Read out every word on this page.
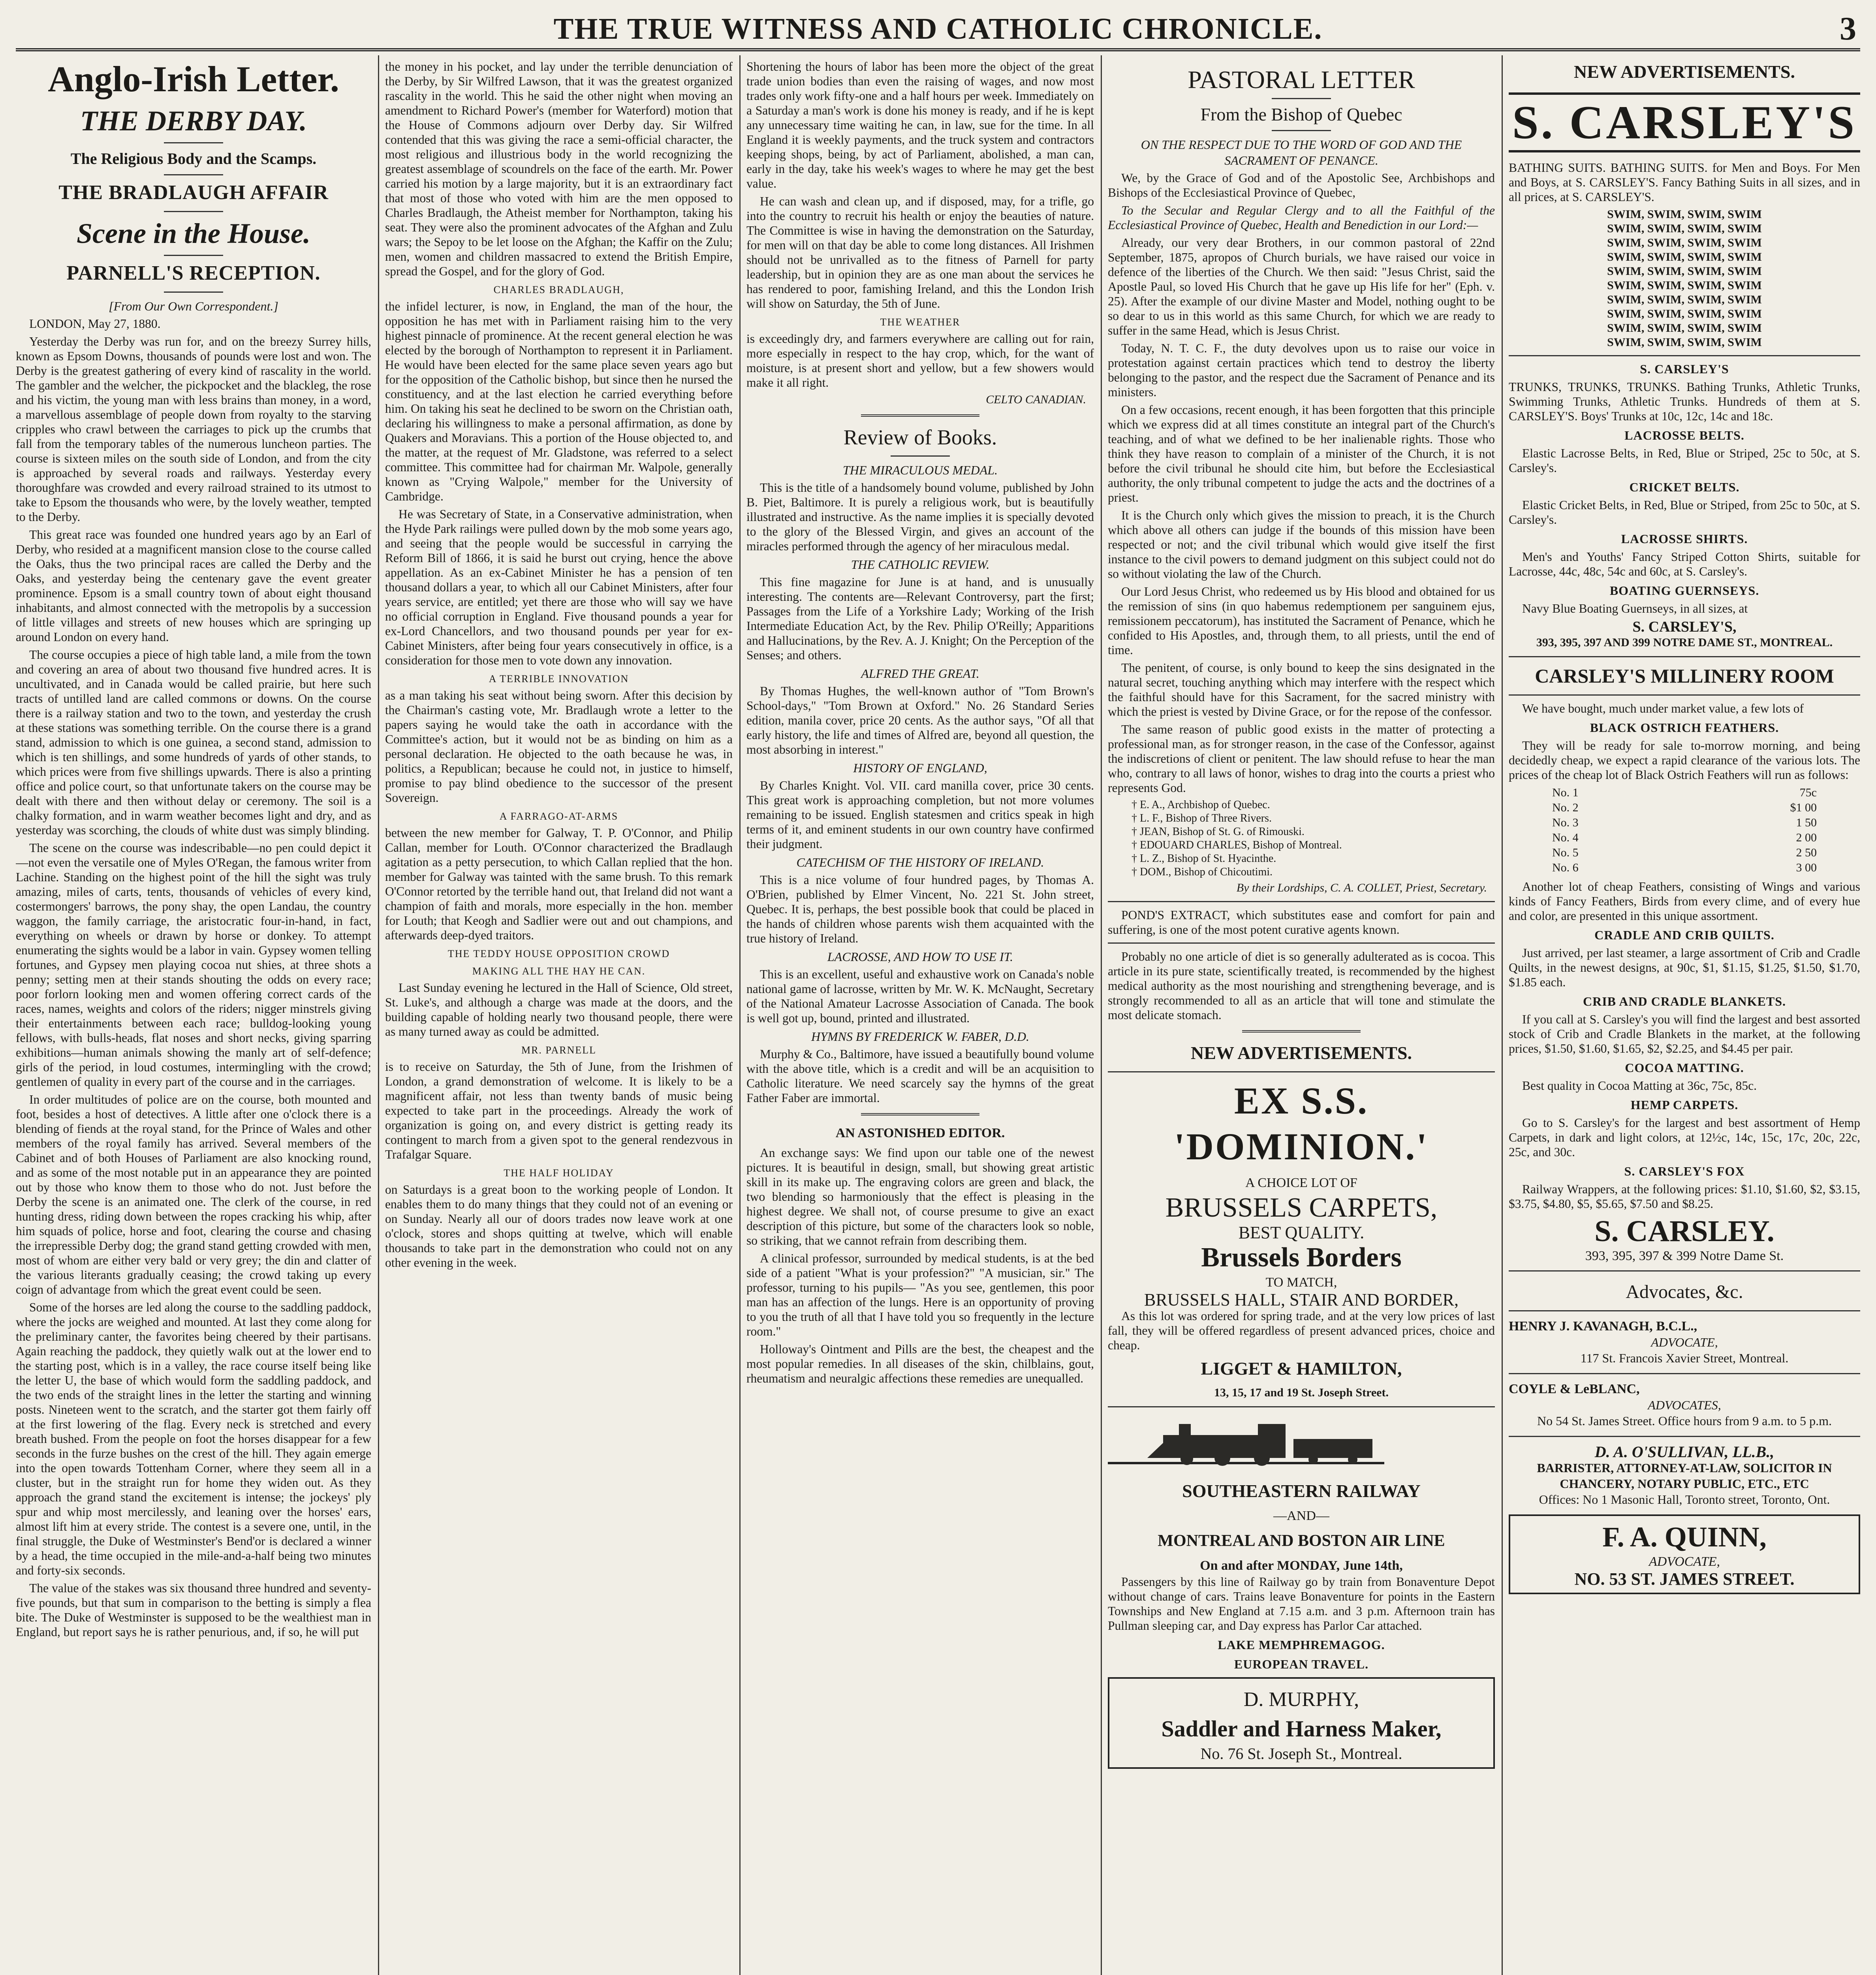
THE TRUE WITNESS AND CATHOLIC CHRONICLE.	3
Anglo-Irish Letter.
THE DERBY DAY.
The Religious Body and the Scamps.
THE BRADLAUGH AFFAIR
Scene in the House.
PARNELL'S RECEPTION.
[From Our Own Correspondent.]

LONDON, May 27, 1880.

Yesterday the Derby was run for, and on the breezy Surrey hills, known as Epsom Downs, thousands of pounds were lost and won. The Derby is the greatest gathering of every kind of rascality in the world. The gambler and the welcher, the pickpocket and the blackleg, the rose and his victim, the young man with less brains than money, in a word, a marvellous assemblage of people down from royalty to the starving cripples who crawl between the carriages to pick up the crumbs that fall from the temporary tables of the numerous luncheon parties. The course is sixteen miles on the south side of London, and from the city is approached by several roads and railways. Yesterday every thoroughfare was crowded and every railroad strained to its utmost to take to Epsom the thousands who were, by the lovely weather, tempted to the Derby.

This great race was founded one hundred years ago by an Earl of Derby, who resided at a magnificent mansion close to the course called the Oaks, thus the two principal races are called the Derby and the Oaks, and yesterday being the centenary gave the event greater prominence. Epsom is a small country town of about eight thousand inhabitants, and almost connected with the metropolis by a succession of little villages and streets of new houses which are springing up around London on every hand.

The course occupies a piece of high table land, a mile from the town and covering an area of about two thousand five hundred acres. It is uncultivated, and in Canada would be called prairie, but here such tracts of untilled land are called commons or downs. On the course there is a railway station and two to the town, and yesterday the crush at these stations was something terrible. On the course there is a grand stand, admission to which is one guinea, a second stand, admission to which is ten shillings, and some hundreds of yards of other stands, to which prices were from five shillings upwards. There is also a printing office and police court, so that unfortunate takers on the course may be dealt with there and then without delay or ceremony. The soil is a chalky formation, and in warm weather becomes light and dry, and as yesterday was scorching, the clouds of white dust was simply blinding.

The scene on the course was indescribable—no pen could depict it—not even the versatile one of Myles O'Regan, the famous writer from Lachine. Standing on the highest point of the hill the sight was truly amazing, miles of carts, tents, thousands of vehicles of every kind, costermongers' barrows, the pony shay, the open Landau, the country waggon, the family carriage, the aristocratic four-in-hand, in fact, everything on wheels or drawn by horse or donkey. To attempt enumerating the sights would be a labor in vain. Gypsey women telling fortunes, and Gypsey men playing cocoa nut shies, at three shots a penny; setting men at their stands shouting the odds on every race; poor forlorn looking men and women offering correct cards of the races, names, weights and colors of the riders; nigger minstrels giving their entertainments between each race; bulldog-looking young fellows, with bulls-heads, flat noses and short necks, giving sparring exhibitions—human animals showing the manly art of self-defence; girls of the period, in loud costumes, intermingling with the crowd; gentlemen of quality in every part of the course and in the carriages.

In order multitudes of police are on the course, both mounted and foot, besides a host of detectives. A little after one o'clock there is a blending of fiends at the royal stand, for the Prince of Wales and other members of the royal family has arrived. Several members of the Cabinet and of both Houses of Parliament are also knocking round, and as some of the most notable put in an appearance they are pointed out by those who know them to those who do not. Just before the Derby the scene is an animated one. The clerk of the course, in red hunting dress, riding down between the ropes cracking his whip, after him squads of police, horse and foot, clearing the course and chasing the irrepressible Derby dog; the grand stand getting crowded with men, most of whom are either very bald or very grey; the din and clatter of the various literants gradually ceasing; the crowd taking up every coign of advantage from which the great event could be seen.

Some of the horses are led along the course to the saddling paddock, where the jocks are weighed and mounted. At last they come along for the preliminary canter, the favorites being cheered by their partisans. Again reaching the paddock, they quietly walk out at the lower end to the starting post, which is in a valley, the race course itself being like the letter U, the base of which would form the saddling paddock, and the two ends of the straight lines in the letter the starting and winning posts. Nineteen went to the scratch, and the starter got them fairly off at the first lowering of the flag. Every neck is stretched and every breath bushed. From the people on foot the horses disappear for a few seconds in the furze bushes on the crest of the hill. They again emerge into the open towards Tottenham Corner, where they seem all in a cluster, but in the straight run for home they widen out. As they approach the grand stand the excitement is intense; the jockeys' ply spur and whip most mercilessly, and leaning over the horses' ears, almost lift him at every stride. The contest is a severe one, until, in the final struggle, the Duke of Westminster's Bend'or is declared a winner by a head, the time occupied in the mile-and-a-half being two minutes and forty-six seconds.

The value of the stakes was six thousand three hundred and seventy-five pounds, but that sum in comparison to the betting is simply a flea bite. The Duke of Westminster is supposed to be the wealthiest man in England, but report says he is rather penurious, and, if so, he will put

the money in his pocket, and lay under the terrible denunciation of the Derby, by Sir Wilfred Lawson, that it was the greatest organized rascality in the world. This he said the other night when moving an amendment to Richard Power's (member for Waterford) motion that the House of Commons adjourn over Derby day. Sir Wilfred contended that this was giving the race a semi-official character, the most religious and illustrious body in the world recognizing the greatest assemblage of scoundrels on the face of the earth. Mr. Power carried his motion by a large majority, but it is an extraordinary fact that most of those who voted with him are the men opposed to Charles Bradlaugh, the Atheist member for Northampton, taking his seat. They were also the prominent advocates of the Afghan and Zulu wars; the Sepoy to be let loose on the Afghan; the Kaffir on the Zulu; men, women and children massacred to extend the British Empire, spread the Gospel, and for the glory of God.

CHARLES BRADLAUGH,

the infidel lecturer, is now, in England, the man of the hour, the opposition he has met with in Parliament raising him to the very highest pinnacle of prominence. At the recent general election he was elected by the borough of Northampton to represent it in Parliament. He would have been elected for the same place seven years ago but for the opposition of the Catholic bishop, but since then he nursed the constituency, and at the last election he carried everything before him. On taking his seat he declined to be sworn on the Christian oath, declaring his willingness to make a personal affirmation, as done by Quakers and Moravians. This a portion of the House objected to, and the matter, at the request of Mr. Gladstone, was referred to a select committee. This committee had for chairman Mr. Walpole, generally known as "Crying Walpole," member for the University of Cambridge.

He was Secretary of State, in a Conservative administration, when the Hyde Park railings were pulled down by the mob some years ago, and seeing that the people would be successful in carrying the Reform Bill of 1866, it is said he burst out crying, hence the above appellation. As an ex-Cabinet Minister he has a pension of ten thousand dollars a year, to which all our Cabinet Ministers, after four years service, are entitled; yet there are those who will say we have no official corruption in England. Five thousand pounds a year for ex-Lord Chancellors, and two thousand pounds per year for ex-Cabinet Ministers, after being four years consecutively in office, is a consideration for those men to vote down any innovation.

A TERRIBLE INNOVATION

as a man taking his seat without being sworn. After this decision by the Chairman's casting vote, Mr. Bradlaugh wrote a letter to the papers saying he would take the oath in accordance with the Committee's action, but it would not be as binding on him as a personal declaration. He objected to the oath because he was, in politics, a Republican; because he could not, in justice to himself, promise to pay blind obedience to the successor of the present Sovereign.

A FARRAGO-AT-ARMS

between the new member for Galway, T. P. O'Connor, and Philip Callan, member for Louth. O'Connor characterized the Bradlaugh agitation as a petty persecution, to which Callan replied that the hon. member for Galway was tainted with the same brush. To this remark O'Connor retorted by the terrible hand out, that Ireland did not want a champion of faith and morals, more especially in the hon. member for Louth; that Keogh and Sadlier were out and out champions, and afterwards deep-dyed traitors.

THE TEDDY HOUSE OPPOSITION CROWD
MAKING ALL THE HAY HE CAN.

Last Sunday evening he lectured in the Hall of Science, Old street, St. Luke's, and although a charge was made at the doors, and the building capable of holding nearly two thousand people, there were as many turned away as could be admitted.

MR. PARNELL

is to receive on Saturday, the 5th of June, from the Irishmen of London, a grand demonstration of welcome. It is likely to be a magnificent affair, not less than twenty bands of music being expected to take part in the proceedings. Already the work of organization is going on, and every district is getting ready its contingent to march from a given spot to the general rendezvous in Trafalgar Square.

THE HALF HOLIDAY

on Saturdays is a great boon to the working people of London. It enables them to do many things that they could not of an evening or on Sunday. Nearly all our of doors trades now leave work at one o'clock, stores and shops quitting at twelve, which will enable thousands to take part in the demonstration who could not on any other evening in the week.

Shortening the hours of labor has been more the object of the great trade union bodies than even the raising of wages, and now most trades only work fifty-one and a half hours per week. Immediately on a Saturday a man's work is done his money is ready, and if he is kept any unnecessary time waiting he can, in law, sue for the time. In all England it is weekly payments, and the truck system and contractors keeping shops, being, by act of Parliament, abolished, a man can, early in the day, take his week's wages to where he may get the best value.

He can wash and clean up, and if disposed, may, for a trifle, go into the country to recruit his health or enjoy the beauties of nature. The Committee is wise in having the demonstration on the Saturday, for men will on that day be able to come long distances. All Irishmen should not be unrivalled as to the fitness of Parnell for party leadership, but in opinion they are as one man about the services he has rendered to poor, famishing Ireland, and this the London Irish will show on Saturday, the 5th of June.

THE WEATHER

is exceedingly dry, and farmers everywhere are calling out for rain, more especially in respect to the hay crop, which, for the want of moisture, is at present short and yellow, but a few showers would make it all right.

CELTO CANADIAN.
Review of Books.
THE MIRACULOUS MEDAL.

This is the title of a handsomely bound volume, published by John B. Piet, Baltimore. It is purely a religious work, but is beautifully illustrated and instructive. As the name implies it is specially devoted to the glory of the Blessed Virgin, and gives an account of the miracles performed through the agency of her miraculous medal.

THE CATHOLIC REVIEW.

This fine magazine for June is at hand, and is unusually interesting. The contents are—Relevant Controversy, part the first; Passages from the Life of a Yorkshire Lady; Working of the Irish Intermediate Education Act, by the Rev. Philip O'Reilly; Apparitions and Hallucinations, by the Rev. A. J. Knight; On the Perception of the Senses; and others.

ALFRED THE GREAT.

By Thomas Hughes, the well-known author of "Tom Brown's School-days," "Tom Brown at Oxford." No. 26 Standard Series edition, manila cover, price 20 cents. As the author says, "Of all that early history, the life and times of Alfred are, beyond all question, the most absorbing in interest."

HISTORY OF ENGLAND,

By Charles Knight. Vol. VII. card manilla cover, price 30 cents. This great work is approaching completion, but not more volumes remaining to be issued. English statesmen and critics speak in high terms of it, and eminent students in our own country have confirmed their judgment.

CATECHISM OF THE HISTORY OF IRELAND.

This is a nice volume of four hundred pages, by Thomas A. O'Brien, published by Elmer Vincent, No. 221 St. John street, Quebec. It is, perhaps, the best possible book that could be placed in the hands of children whose parents wish them acquainted with the true history of Ireland.

LACROSSE, AND HOW TO USE IT.

This is an excellent, useful and exhaustive work on Canada's noble national game of lacrosse, written by Mr. W. K. McNaught, Secretary of the National Amateur Lacrosse Association of Canada. The book is well got up, bound, printed and illustrated.

HYMNS BY FREDERICK W. FABER, D.D.

Murphy & Co., Baltimore, have issued a beautifully bound volume with the above title, which is a credit and will be an acquisition to Catholic literature. We need scarcely say the hymns of the great Father Faber are immortal.

AN ASTONISHED EDITOR.

An exchange says: We find upon our table one of the newest pictures. It is beautiful in design, small, but showing great artistic skill in its make up. The engraving colors are green and black, the two blending so harmoniously that the effect is pleasing in the highest degree. We shall not, of course presume to give an exact description of this picture, but some of the characters look so noble, so striking, that we cannot refrain from describing them.

A clinical professor, surrounded by medical students, is at the bed side of a patient "What is your profession?" "A musician, sir." The professor, turning to his pupils— "As you see, gentlemen, this poor man has an affection of the lungs. Here is an opportunity of proving to you the truth of all that I have told you so frequently in the lecture room."

Holloway's Ointment and Pills are the best, the cheapest and the most popular remedies. In all diseases of the skin, chilblains, gout, rheumatism and neuralgic affections these remedies are unequalled.

PASTORAL LETTER
From the Bishop of Quebec
ON THE RESPECT DUE TO THE WORD OF GOD AND THE SACRAMENT OF PENANCE.

We, by the Grace of God and of the Apostolic See, Archbishops and Bishops of the Ecclesiastical Province of Quebec,

To the Secular and Regular Clergy and to all the Faithful of the Ecclesiastical Province of Quebec, Health and Benediction in our Lord:—

Already, our very dear Brothers, in our common pastoral of 22nd September, 1875, apropos of Church burials, we have raised our voice in defence of the liberties of the Church. We then said: "Jesus Christ, said the Apostle Paul, so loved His Church that he gave up His life for her" (Eph. v. 25). After the example of our divine Master and Model, nothing ought to be so dear to us in this world as this same Church, for which we are ready to suffer in the same Head, which is Jesus Christ.

Today, N. T. C. F., the duty devolves upon us to raise our voice in protestation against certain practices which tend to destroy the liberty belonging to the pastor, and the respect due the Sacrament of Penance and its ministers.

On a few occasions, recent enough, it has been forgotten that this principle which we express did at all times constitute an integral part of the Church's teaching, and of what we defined to be her inalienable rights. Those who think they have reason to complain of a minister of the Church, it is not before the civil tribunal he should cite him, but before the Ecclesiastical authority, the only tribunal competent to judge the acts and the doctrines of a priest.

It is the Church only which gives the mission to preach, it is the Church which above all others can judge if the bounds of this mission have been respected or not; and the civil tribunal which would give itself the first instance to the civil powers to demand judgment on this subject could not do so without violating the law of the Church.

Our Lord Jesus Christ, who redeemed us by His blood and obtained for us the remission of sins (in quo habemus redemptionem per sanguinem ejus, remissionem peccatorum), has instituted the Sacrament of Penance, which he confided to His Apostles, and, through them, to all priests, until the end of time.

The penitent, of course, is only bound to keep the sins designated in the natural secret, touching anything which may interfere with the respect which the faithful should have for this Sacrament, for the sacred ministry with which the priest is vested by Divine Grace, or for the repose of the confessor.

The same reason of public good exists in the matter of protecting a professional man, as for stronger reason, in the case of the Confessor, against the indiscretions of client or penitent. The law should refuse to hear the man who, contrary to all laws of honor, wishes to drag into the courts a priest who represents God.

† E. A., Archbishop of Quebec.
† L. F., Bishop of Three Rivers.
† JEAN, Bishop of St. G. of Rimouski.
† EDOUARD CHARLES, Bishop of Montreal.
† L. Z., Bishop of St. Hyacinthe.
† DOM., Bishop of Chicoutimi.
By their Lordships, C. A. COLLET, Priest, Secretary.

POND'S EXTRACT, which substitutes ease and comfort for pain and suffering, is one of the most potent curative agents known.

Probably no one article of diet is so generally adulterated as is cocoa. This article in its pure state, scientifically treated, is recommended by the highest medical authority as the most nourishing and strengthening beverage, and is strongly recommended to all as an article that will tone and stimulate the most delicate stomach.

NEW ADVERTISEMENTS.
EX S.S. 'DOMINION.'
A CHOICE LOT OF
BRUSSELS CARPETS,
BEST QUALITY.
Brussels Borders
TO MATCH,
BRUSSELS HALL, STAIR AND BORDER,

As this lot was ordered for spring trade, and at the very low prices of last fall, they will be offered regardless of present advanced prices, choice and cheap.

LIGGET & HAMILTON,
13, 15, 17 and 19 St. Joseph Street.
SOUTHEASTERN RAILWAY
—AND—
MONTREAL AND BOSTON AIR LINE
On and after MONDAY, June 14th,

Passengers by this line of Railway go by train from Bonaventure Depot without change of cars. Trains leave Bonaventure for points in the Eastern Townships and New England at 7.15 a.m. and 3 p.m. Afternoon train has Pullman sleeping car, and Day express has Parlor Car attached.

LAKE MEMPHREMAGOG.
EUROPEAN TRAVEL.
D. MURPHY,
Saddler and Harness Maker,
No. 76 St. Joseph St., Montreal.
NEW ADVERTISEMENTS.
S. CARSLEY'S

BATHING SUITS. BATHING SUITS. for Men and Boys. For Men and Boys, at S. CARSLEY'S. Fancy Bathing Suits in all sizes, and in all prices, at S. CARSLEY'S.

SWIM, SWIM, SWIM, SWIM
SWIM, SWIM, SWIM, SWIM
SWIM, SWIM, SWIM, SWIM
SWIM, SWIM, SWIM, SWIM
SWIM, SWIM, SWIM, SWIM
SWIM, SWIM, SWIM, SWIM
SWIM, SWIM, SWIM, SWIM
SWIM, SWIM, SWIM, SWIM
SWIM, SWIM, SWIM, SWIM
SWIM, SWIM, SWIM, SWIM
S. CARSLEY'S

TRUNKS, TRUNKS, TRUNKS. Bathing Trunks, Athletic Trunks, Swimming Trunks, Athletic Trunks. Hundreds of them at S. CARSLEY'S. Boys' Trunks at 10c, 12c, 14c and 18c.

LACROSSE BELTS.

Elastic Lacrosse Belts, in Red, Blue or Striped, 25c to 50c, at S. Carsley's.

CRICKET BELTS.

Elastic Cricket Belts, in Red, Blue or Striped, from 25c to 50c, at S. Carsley's.

LACROSSE SHIRTS.

Men's and Youths' Fancy Striped Cotton Shirts, suitable for Lacrosse, 44c, 48c, 54c and 60c, at S. Carsley's.

BOATING GUERNSEYS.

Navy Blue Boating Guernseys, in all sizes, at

S. CARSLEY'S,
393, 395, 397 AND 399 NOTRE DAME ST., MONTREAL.
CARSLEY'S MILLINERY ROOM

We have bought, much under market value, a few lots of

BLACK OSTRICH FEATHERS.

They will be ready for sale to-morrow morning, and being decidedly cheap, we expect a rapid clearance of the various lots. The prices of the cheap lot of Black Ostrich Feathers will run as follows:

No. 1	75c
No. 2	$1 00
No. 3	1 50
No. 4	2 00
No. 5	2 50
No. 6	3 00

Another lot of cheap Feathers, consisting of Wings and various kinds of Fancy Feathers, Birds from every clime, and of every hue and color, are presented in this unique assortment.

CRADLE AND CRIB QUILTS.

Just arrived, per last steamer, a large assortment of Crib and Cradle Quilts, in the newest designs, at 90c, $1, $1.15, $1.25, $1.50, $1.70, $1.85 each.

CRIB AND CRADLE BLANKETS.

If you call at S. Carsley's you will find the largest and best assorted stock of Crib and Cradle Blankets in the market, at the following prices, $1.50, $1.60, $1.65, $2, $2.25, and $4.45 per pair.

COCOA MATTING.

Best quality in Cocoa Matting at 36c, 75c, 85c.

HEMP CARPETS.

Go to S. Carsley's for the largest and best assortment of Hemp Carpets, in dark and light colors, at 12½c, 14c, 15c, 17c, 20c, 22c, 25c, and 30c.

S. CARSLEY'S FOX

Railway Wrappers, at the following prices: $1.10, $1.60, $2, $3.15, $3.75, $4.80, $5, $5.65, $7.50 and $8.25.

S. CARSLEY.
393, 395, 397 & 399 Notre Dame St.
Advocates, &c.
HENRY J. KAVANAGH, B.C.L.,
ADVOCATE,
117 St. Francois Xavier Street, Montreal.
COYLE & LeBLANC,
ADVOCATES,
No 54 St. James Street. Office hours from 9 a.m. to 5 p.m.
D. A. O'SULLIVAN, LL.B.,
BARRISTER, ATTORNEY-AT-LAW, SOLICITOR IN CHANCERY, NOTARY PUBLIC, ETC., ETC
Offices: No 1 Masonic Hall, Toronto street, Toronto, Ont.
F. A. QUINN,
ADVOCATE,
NO. 53 ST. JAMES STREET.
